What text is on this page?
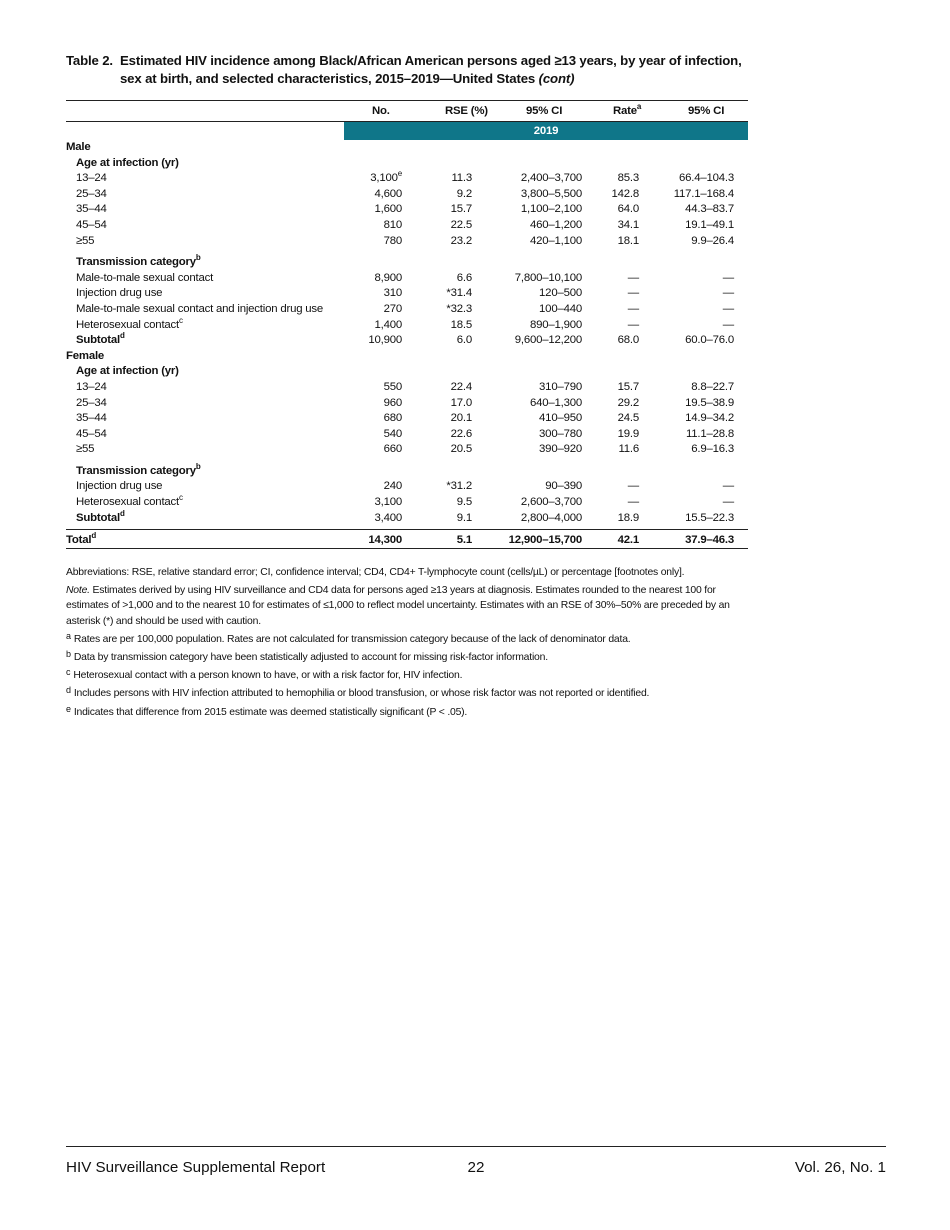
Table 2. Estimated HIV incidence among Black/African American persons aged ≥13 years, by year of infection,
sex at birth, and selected characteristics, 2015–2019—United States (cont)
No.	RSE (%)	95% CI	Rate$^a$	95% CI
2019
Male
Age at infection (yr)
13–24	3,100e	11.3	2,400–3,700	85.3	66.4–104.3
25–34	4,600	9.2	3,800–5,500	142.8	117.1–168.4
35–44	1,600	15.7	1,100–2,100	64.0	44.3–83.7
45–54	810	22.5	460–1,200	34.1	19.1–49.1
≥55	780	23.2	420–1,100	18.1	9.9–26.4
Transmission category$^b$
Male-to-male sexual contact	8,900	6.6	7,800–10,100	—	—
Injection drug use	310	*31.4	120–500	—	—
Male-to-male sexual contact and injection drug use	270	*32.3	100–440	—	—
Heterosexual contact$^c$	1,400	18.5	890–1,900	—	—
Subtotal$^d$	10,900	6.0	9,600–12,200	68.0	60.0–76.0
Female
Age at infection (yr)
13–24	550	22.4	310–790	15.7	8.8–22.7
25–34	960	17.0	640–1,300	29.2	19.5–38.9
35–44	680	20.1	410–950	24.5	14.9–34.2
45–54	540	22.6	300–780	19.9	11.1–28.8
≥55	660	20.5	390–920	11.6	6.9–16.3
Transmission category$^b$
Injection drug use	240	*31.2	90–390	—	—
Heterosexual contact$^c$	3,100	9.5	2,600–3,700	—	—
Subtotal$^d$	3,400	9.1	2,800–4,000	18.9	15.5–22.3
Total$^d$	14,300	5.1	12,900–15,700	42.1	37.9–46.3

Abbreviations: RSE, relative standard error; CI, confidence interval; CD4, CD4+ T-lymphocyte count (cells/µL) or percentage [footnotes only].

Note. Estimates derived by using HIV surveillance and CD4 data for persons aged ≥13 years at diagnosis. Estimates rounded to the nearest 100 for estimates of >1,000 and to the nearest 10 for estimates of ≤1,000 to reflect model uncertainty. Estimates with an RSE of 30%–50% are preceded by an asterisk (*) and should be used with caution.

a Rates are per 100,000 population. Rates are not calculated for transmission category because of the lack of denominator data.

b Data by transmission category have been statistically adjusted to account for missing risk-factor information.

c Heterosexual contact with a person known to have, or with a risk factor for, HIV infection.

d Includes persons with HIV infection attributed to hemophilia or blood transfusion, or whose risk factor was not reported or identified.

e Indicates that difference from 2015 estimate was deemed statistically significant (P < .05).

HIV Surveillance Supplemental Report	22	Vol. 26, No. 1
